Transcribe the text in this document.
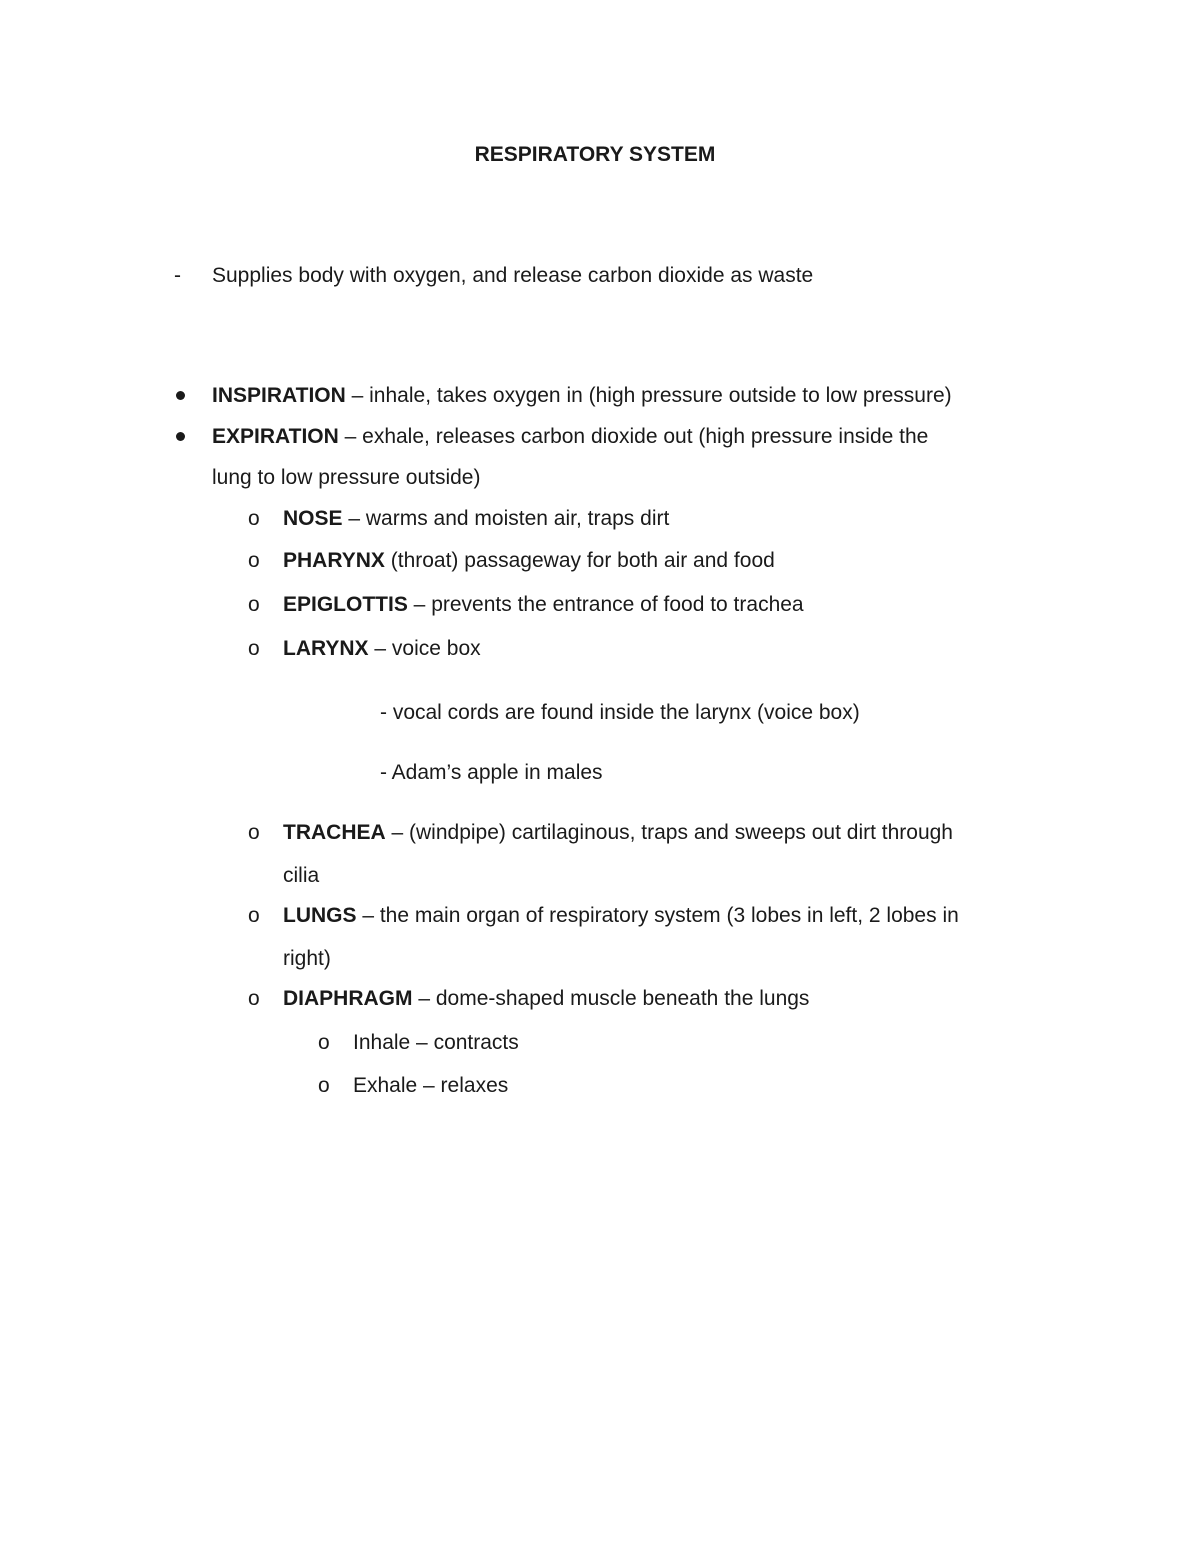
RESPIRATORY SYSTEM
- Supplies body with oxygen, and release carbon dioxide as waste
INSPIRATION – inhale, takes oxygen in (high pressure outside to low pressure)
EXPIRATION – exhale, releases carbon dioxide out (high pressure inside the
lung to low pressure outside)
o NOSE – warms and moisten air, traps dirt
o PHARYNX (throat) passageway for both air and food
o EPIGLOTTIS – prevents the entrance of food to trachea
o LARYNX – voice box
- vocal cords are found inside the larynx (voice box)
- Adam’s apple in males
o TRACHEA – (windpipe) cartilaginous, traps and sweeps out dirt through
cilia
o LUNGS – the main organ of respiratory system (3 lobes in left, 2 lobes in
right)
o DIAPHRAGM – dome-shaped muscle beneath the lungs
o Inhale – contracts
o Exhale – relaxes
